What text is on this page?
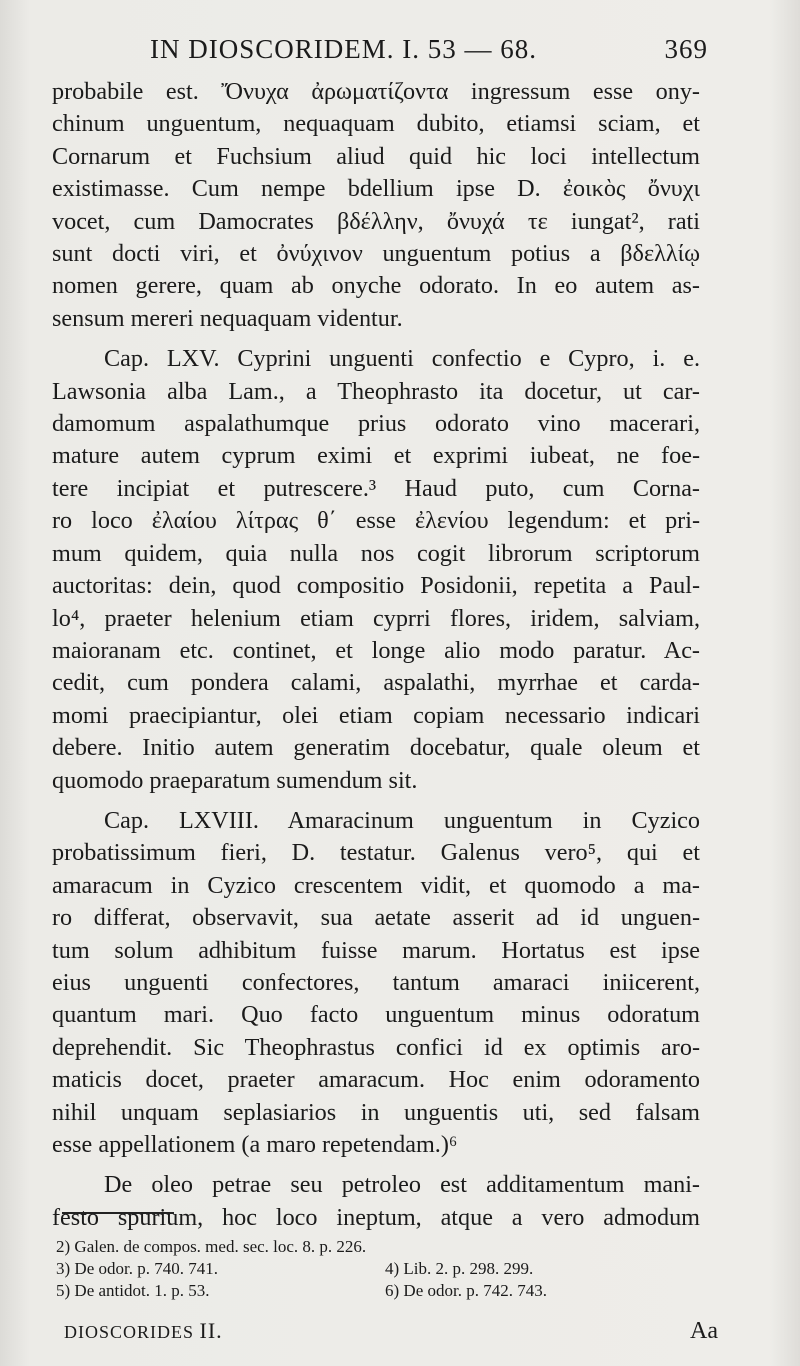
IN DIOSCORIDEM. I. 53 — 68.	369
probabile est. Ὄνυχα ἀρωματίζοντα ingressum esse ony-
chinum unguentum, nequaquam dubito, etiamsi sciam, et
Cornarum et Fuchsium aliud quid hic loci intellectum
existimasse. Cum nempe bdellium ipse D. ἐοικὸς ὄνυχι
vocet, cum Damocrates βδέλλην, ὄνυχά τε iungat², rati
sunt docti viri, et ὀνύχινον unguentum potius a βδελλίῳ
nomen gerere, quam ab onyche odorato. In eo autem as-
sensum mereri nequaquam videntur.
Cap. LXV. Cyprini unguenti confectio e Cypro, i. e.
Lawsonia alba Lam., a Theophrasto ita docetur, ut car-
damomum aspalathumque prius odorato vino macerari,
mature autem cyprum eximi et exprimi iubeat, ne foe-
tere incipiat et putrescere.³ Haud puto, cum Corna-
ro loco ἐλαίου λίτρας θ΄ esse ἐλενίου legendum: et pri-
mum quidem, quia nulla nos cogit librorum scriptorum
auctoritas: dein, quod compositio Posidonii, repetita a Paul-
lo⁴, praeter helenium etiam cyprri flores, iridem, salviam,
maioranam etc. continet, et longe alio modo paratur. Ac-
cedit, cum pondera calami, aspalathi, myrrhae et carda-
momi praecipiantur, olei etiam copiam necessario indicari
debere. Initio autem generatim docebatur, quale oleum et
quomodo praeparatum sumendum sit.
Cap. LXVIII. Amaracinum unguentum in Cyzico
probatissimum fieri, D. testatur. Galenus vero⁵, qui et
amaracum in Cyzico crescentem vidit, et quomodo a ma-
ro differat, observavit, sua aetate asserit ad id unguen-
tum solum adhibitum fuisse marum. Hortatus est ipse
eius unguenti confectores, tantum amaraci iniicerent,
quantum mari. Quo facto unguentum minus odoratum
deprehendit. Sic Theophrastus confici id ex optimis aro-
maticis docet, praeter amaracum. Hoc enim odoramento
nihil unquam seplasiarios in unguentis uti, sed falsam
esse appellationem (a maro repetendam.)⁶
De oleo petrae seu petroleo est additamentum mani-
festo spurium, hoc loco ineptum, atque a vero admodum
2) Galen. de compos. med. sec. loc. 8. p. 226.
3) De odor. p. 740. 741.	4) Lib. 2. p. 298. 299.
5) De antidot. 1. p. 53.	6) De odor. p. 742. 743.
DIOSCORIDES II.	Aa
